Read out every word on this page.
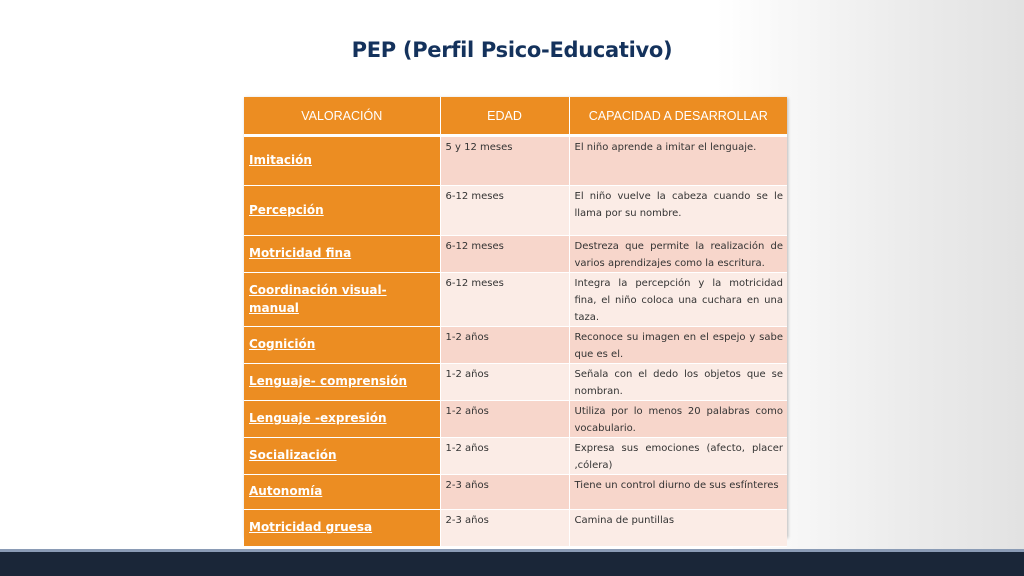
PEP (Perfil Psico-Educativo)
VALORACIÓN	EDAD	CAPACIDAD A DESARROLLAR
Imitación	5 y 12 meses	El niño aprende a imitar el lenguaje.
Percepción	6-12 meses	El niño vuelve la cabeza cuando se le llama por su nombre.
Motricidad fina	6-12 meses	Destreza que permite la realización de varios aprendizajes como la escritura.
Coordinación visual-manual	6-12 meses	Integra la percepción y la motricidad fina, el niño coloca una cuchara en una taza.
Cognición	1-2 años	Reconoce su imagen en el espejo y sabe que es el.
Lenguaje- comprensión	1-2 años	Señala con el dedo los objetos que se nombran.
Lenguaje -expresión	1-2 años	Utiliza por lo menos 20 palabras como vocabulario.
Socialización	1-2 años	Expresa sus emociones (afecto, placer ,cólera)
Autonomía	2-3 años	Tiene un control diurno de sus esfínteres
Motricidad gruesa	2-3 años	Camina de puntillas
